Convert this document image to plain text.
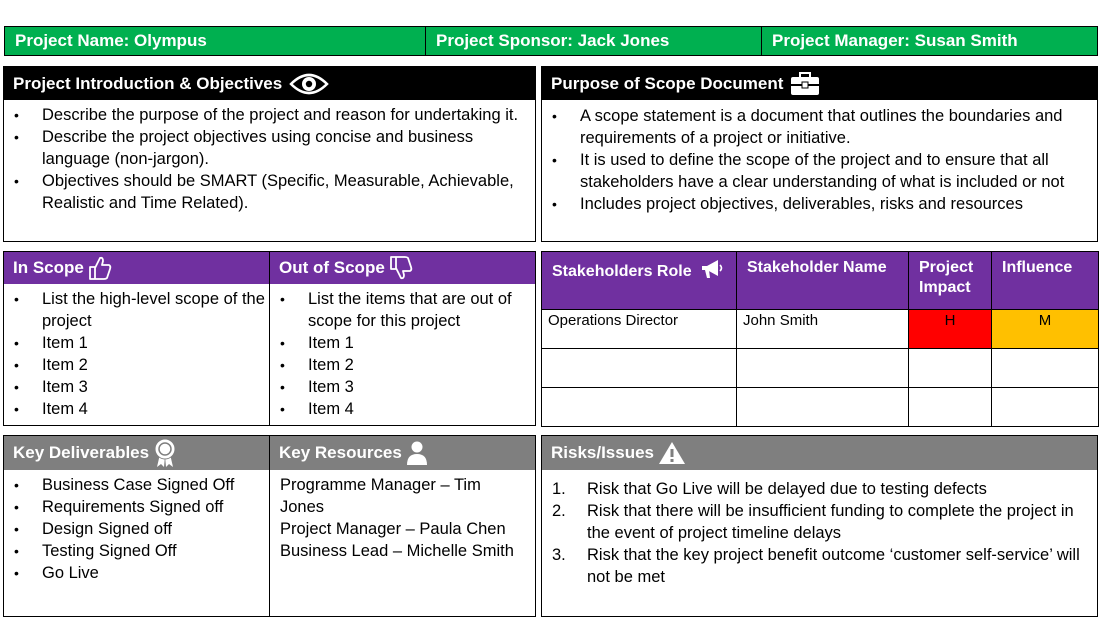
Project Name: Olympus	Project Sponsor: Jack Jones	Project Manager: Susan Smith
Project Introduction & Objectives
• Describe the purpose of the project and reason for undertaking it.
• Describe the project objectives using concise and business language (non-jargon).
• Objectives should be SMART (Specific, Measurable, Achievable, Realistic and Time Related).
Purpose of Scope Document
• A scope statement is a document that outlines the boundaries and requirements of a project or initiative.
• It is used to define the scope of the project and to ensure that all stakeholders have a clear understanding of what is included or not
• Includes project objectives, deliverables, risks and resources
In Scope
• List the high-level scope of the project
• Item 1
• Item 2
• Item 3
• Item 4
Out of Scope
• List the items that are out of scope for this project
• Item 1
• Item 2
• Item 3
• Item 4
Stakeholders Role	Stakeholder Name	Project Impact	Influence
Operations Director	John Smith	H	M

Key Deliverables
• Business Case Signed Off
• Requirements Signed off
• Design Signed off
• Testing Signed Off
• Go Live
Key Resources
Programme Manager – Tim Jones
Project Manager – Paula Chen
Business Lead – Michelle Smith
Risks/Issues
1. Risk that Go Live will be delayed due to testing defects
2. Risk that there will be insufficient funding to complete the project in the event of project timeline delays
3. Risk that the key project benefit outcome ‘customer self-service’ will not be met
